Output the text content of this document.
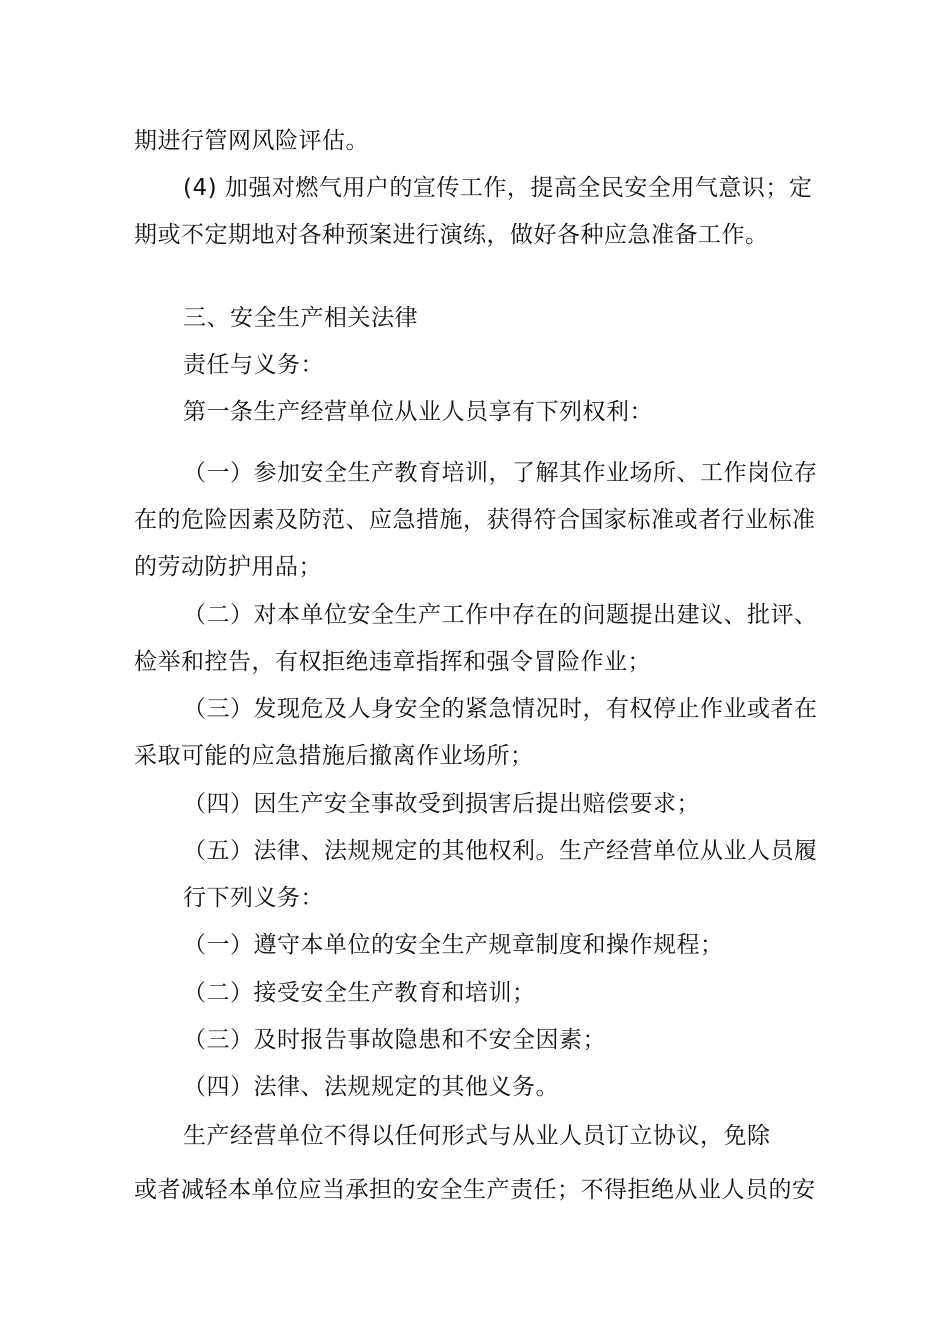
期进行管网风险评估。
(4) 加强对燃气用户的宣传工作，提高全民安全用气意识；定
期或不定期地对各种预案进行演练，做好各种应急准备工作。
三、安全生产相关法律
责任与义务：
第一条生产经营单位从业人员享有下列权利：
（一）参加安全生产教育培训，了解其作业场所、工作岗位存
在的危险因素及防范、应急措施，获得符合国家标准或者行业标准
的劳动防护用品；
（二）对本单位安全生产工作中存在的问题提出建议、批评、
检举和控告，有权拒绝违章指挥和强令冒险作业；
（三）发现危及人身安全的紧急情况时，有权停止作业或者在
采取可能的应急措施后撤离作业场所；
（四）因生产安全事故受到损害后提出赔偿要求；
（五）法律、法规规定的其他权利。生产经营单位从业人员履
行下列义务：
（一）遵守本单位的安全生产规章制度和操作规程；
（二）接受安全生产教育和培训；
（三）及时报告事故隐患和不安全因素；
（四）法律、法规规定的其他义务。
生产经营单位不得以任何形式与从业人员订立协议，免除
或者减轻本单位应当承担的安全生产责任；不得拒绝从业人员的安
